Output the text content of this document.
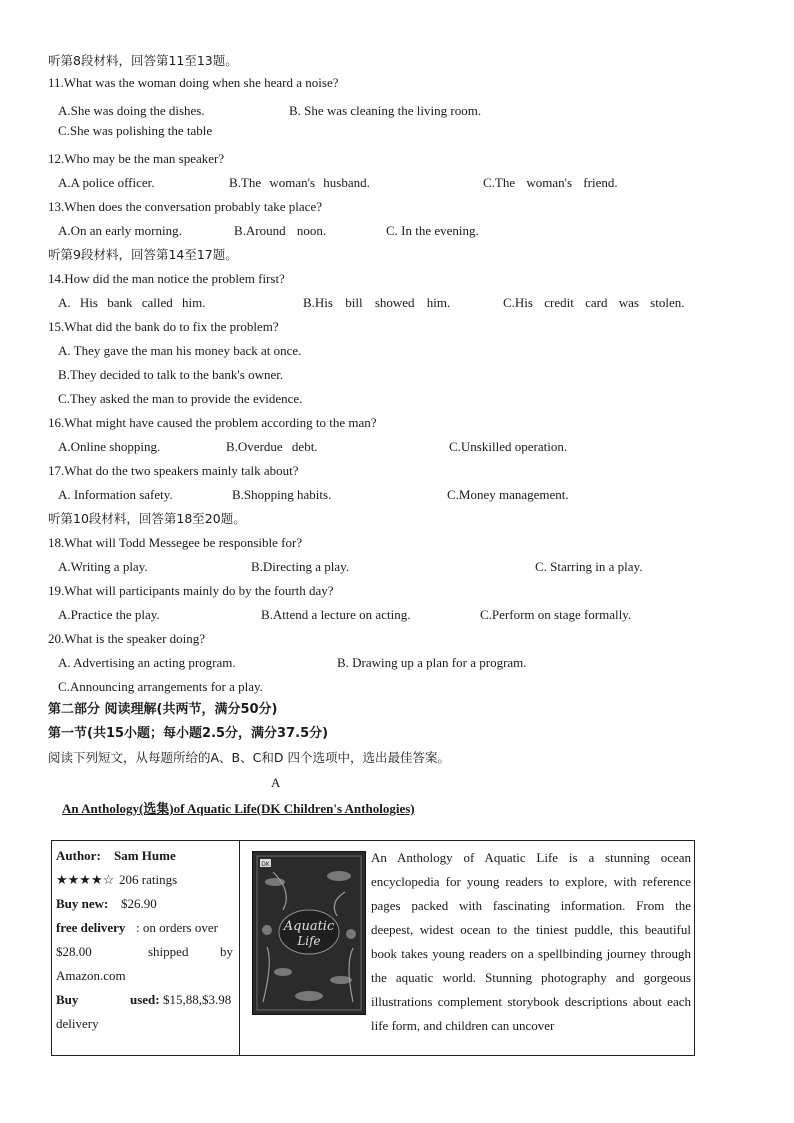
听第8段材料，回答第11至13题。
11.What was the woman doing when she heard a noise?
A.She was doing the dishes.	B. She was cleaning the living room.
C.She was polishing the table
12.Who may be the man speaker?
A.A police officer.	B.The woman's husband.	C.The woman's friend.
13.When does the conversation probably take place?
A.On an early morning.	B.Around noon.	C. In the evening.
听第9段材料，回答第14至17题。
14.How did the man notice the problem first?
A. His bank called him.	B.His bill showed him.	C.His credit card was stolen.
15.What did the bank do to fix the problem?
A. They gave the man his money back at once.
B.They decided to talk to the bank's owner.
C.They asked the man to provide the evidence.
16.What might have caused the problem according to the man?
A.Online shopping.	B.Overdue debt.	C.Unskilled operation.
17.What do the two speakers mainly talk about?
A. Information safety.	B.Shopping habits.	C.Money management.
听第10段材料，回答第18至20题。
18.What will Todd Messegee be responsible for?
A.Writing a play.	B.Directing a play.	C. Starring in a play.
19.What will participants mainly do by the fourth day?
A.Practice the play.	B.Attend a lecture on acting.	C.Perform on stage formally.
20.What is the speaker doing?
A. Advertising an acting program.	B. Drawing up a plan for a program.
C.Announcing arrangements for a play.
第二部分 阅读理解(共两节，满分50分)
第一节(共15小题；每小题2.5分，满分37.5分)
阅读下列短文，从每题所给的A、B、C和D 四个选项中，选出最佳答案。
A
An Anthology(选集)of Aquatic Life(DK Children's Anthologies)

Author: Sam Hume
★★★★☆ 206 ratings
Buy new: $26.90
free delivery : on orders over
$28.00	shipped by
Amazon.com
Buy	used: $15,88,$3.98
delivery
Aquatic
Life
DK	An Anthology of Aquatic Life is a stunning ocean encyclopedia for young readers to explore, with reference pages packed with fascinating information. From the deepest, widest ocean to the tiniest puddle, this beautiful book takes young readers on a spellbinding journey through the aquatic world. Stunning photography and gorgeous illustrations complement storybook descriptions about each life form, and children can uncover
